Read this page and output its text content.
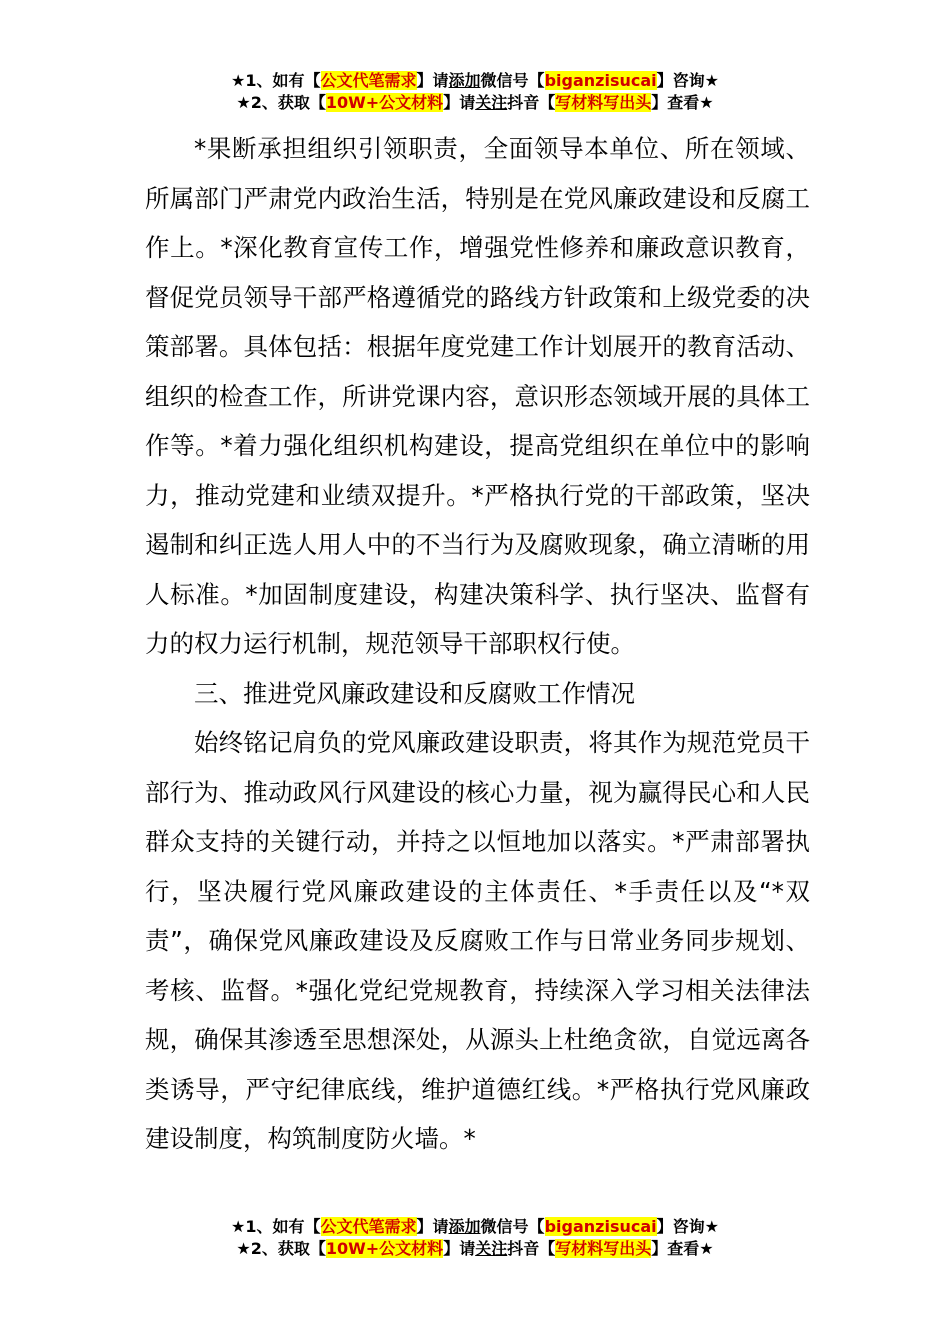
★1、如有【公文代笔需求】请添加微信号【biganzisucai】咨询★
★2、获取【10W+公文材料】请关注抖音【写材料写出头】查看★

*果断承担组织引领职责，全面领导本单位、所在领域、所属部门严肃党内政治生活，特别是在党风廉政建设和反腐工作上。*深化教育宣传工作，增强党性修养和廉政意识教育，督促党员领导干部严格遵循党的路线方针政策和上级党委的决策部署。具体包括：根据年度党建工作计划展开的教育活动、组织的检查工作，所讲党课内容，意识形态领域开展的具体工作等。*着力强化组织机构建设，提高党组织在单位中的影响力，推动党建和业绩双提升。*严格执行党的干部政策，坚决遏制和纠正选人用人中的不当行为及腐败现象，确立清晰的用人标准。*加固制度建设，构建决策科学、执行坚决、监督有力的权力运行机制，规范领导干部职权行使。

三、推进党风廉政建设和反腐败工作情况

始终铭记肩负的党风廉政建设职责，将其作为规范党员干部行为、推动政风行风建设的核心力量，视为赢得民心和人民群众支持的关键行动，并持之以恒地加以落实。*严肃部署执行，坚决履行党风廉政建设的主体责任、*手责任以及“*双责”，确保党风廉政建设及反腐败工作与日常业务同步规划、考核、监督。*强化党纪党规教育，持续深入学习相关法律法规，确保其渗透至思想深处，从源头上杜绝贪欲，自觉远离各类诱导，严守纪律底线，维护道德红线。*严格执行党风廉政建设制度，构筑制度防火墙。*

★1、如有【公文代笔需求】请添加微信号【biganzisucai】咨询★
★2、获取【10W+公文材料】请关注抖音【写材料写出头】查看★
